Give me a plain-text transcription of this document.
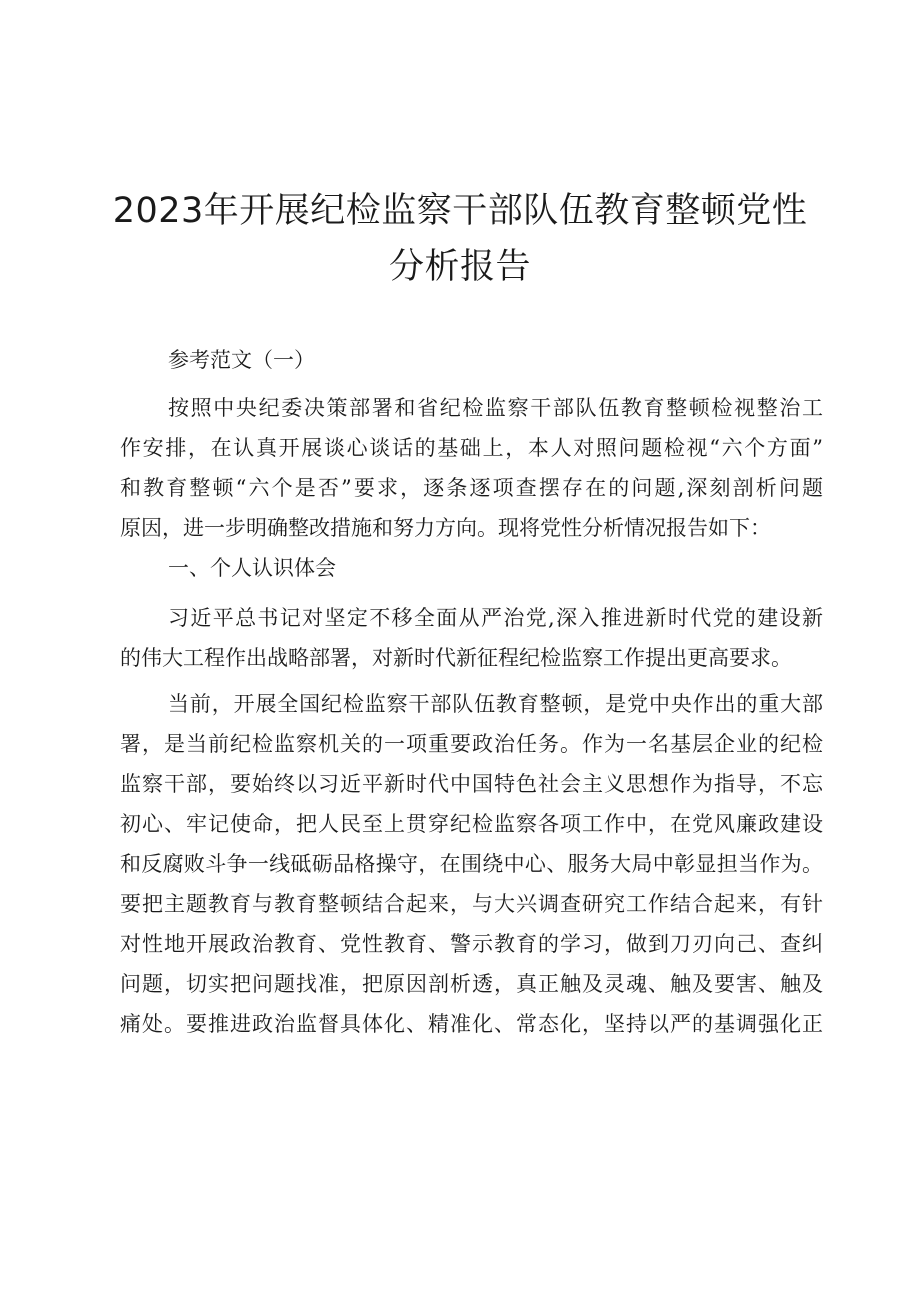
2023年开展纪检监察干部队伍教育整顿党性
分析报告
参考范文（一）
按照中央纪委决策部署和省纪检监察干部队伍教育整顿检视整治工
作安排，在认真开展谈心谈话的基础上，本人对照问题检视“六个方面”
和教育整顿“六个是否”要求，逐条逐项查摆存在的问题,深刻剖析问题
原因，进一步明确整改措施和努力方向。现将党性分析情况报告如下：
一、个人认识体会
习近平总书记对坚定不移全面从严治党,深入推进新时代党的建设新
的伟大工程作出战略部署，对新时代新征程纪检监察工作提出更高要求。
当前，开展全国纪检监察干部队伍教育整顿，是党中央作出的重大部
署，是当前纪检监察机关的一项重要政治任务。作为一名基层企业的纪检
监察干部，要始终以习近平新时代中国特色社会主义思想作为指导，不忘
初心、牢记使命，把人民至上贯穿纪检监察各项工作中，在党风廉政建设
和反腐败斗争一线砥砺品格操守，在围绕中心、服务大局中彰显担当作为。
要把主题教育与教育整顿结合起来，与大兴调查研究工作结合起来，有针
对性地开展政治教育、党性教育、警示教育的学习，做到刀刃向己、查纠
问题，切实把问题找准，把原因剖析透，真正触及灵魂、触及要害、触及
痛处。要推进政治监督具体化、精准化、常态化，坚持以严的基调强化正
